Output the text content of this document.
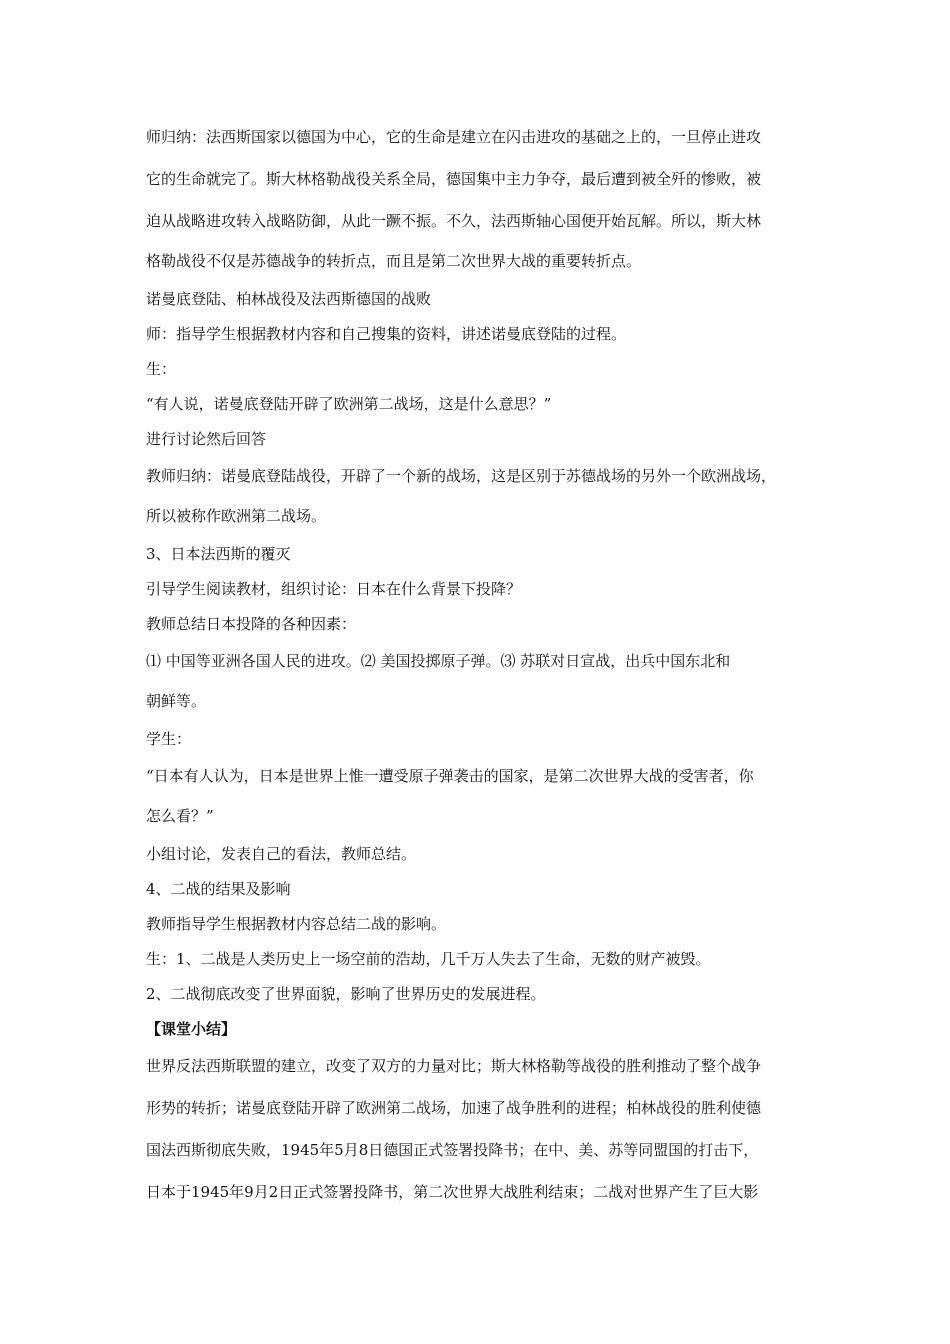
师归纳：法西斯国家以德国为中心，它的生命是建立在闪击进攻的基础之上的，一旦停止进攻

它的生命就完了。斯大林格勒战役关系全局，德国集中主力争夺，最后遭到被全歼的惨败，被

迫从战略进攻转入战略防御，从此一蹶不振。不久，法西斯轴心国便开始瓦解。所以，斯大林

格勒战役不仅是苏德战争的转折点，而且是第二次世界大战的重要转折点。

诺曼底登陆、柏林战役及法西斯德国的战败

师：指导学生根据教材内容和自己搜集的资料，讲述诺曼底登陆的过程。

生：

“有人说，诺曼底登陆开辟了欧洲第二战场，这是什么意思？”

进行讨论然后回答

教师归纳：诺曼底登陆战役，开辟了一个新的战场，这是区别于苏德战场的另外一个欧洲战场，

所以被称作欧洲第二战场。

3、日本法西斯的覆灭

引导学生阅读教材，组织讨论：日本在什么背景下投降？

教师总结日本投降的各种因素：

⑴ 中国等亚洲各国人民的进攻。⑵ 美国投掷原子弹。⑶ 苏联对日宣战，出兵中国东北和

朝鲜等。

学生：

“日本有人认为，日本是世界上惟一遭受原子弹袭击的国家，是第二次世界大战的受害者，你

怎么看？”

小组讨论，发表自己的看法，教师总结。

4、二战的结果及影响

教师指导学生根据教材内容总结二战的影响。

生：1、二战是人类历史上一场空前的浩劫，几千万人失去了生命，无数的财产被毁。

2、二战彻底改变了世界面貌，影响了世界历史的发展进程。

【课堂小结】

世界反法西斯联盟的建立，改变了双方的力量对比；斯大林格勒等战役的胜利推动了整个战争

形势的转折；诺曼底登陆开辟了欧洲第二战场，加速了战争胜利的进程；柏林战役的胜利使德

国法西斯彻底失败，1945年5月8日德国正式签署投降书；在中、美、苏等同盟国的打击下，

日本于1945年9月2日正式签署投降书，第二次世界大战胜利结束；二战对世界产生了巨大影
